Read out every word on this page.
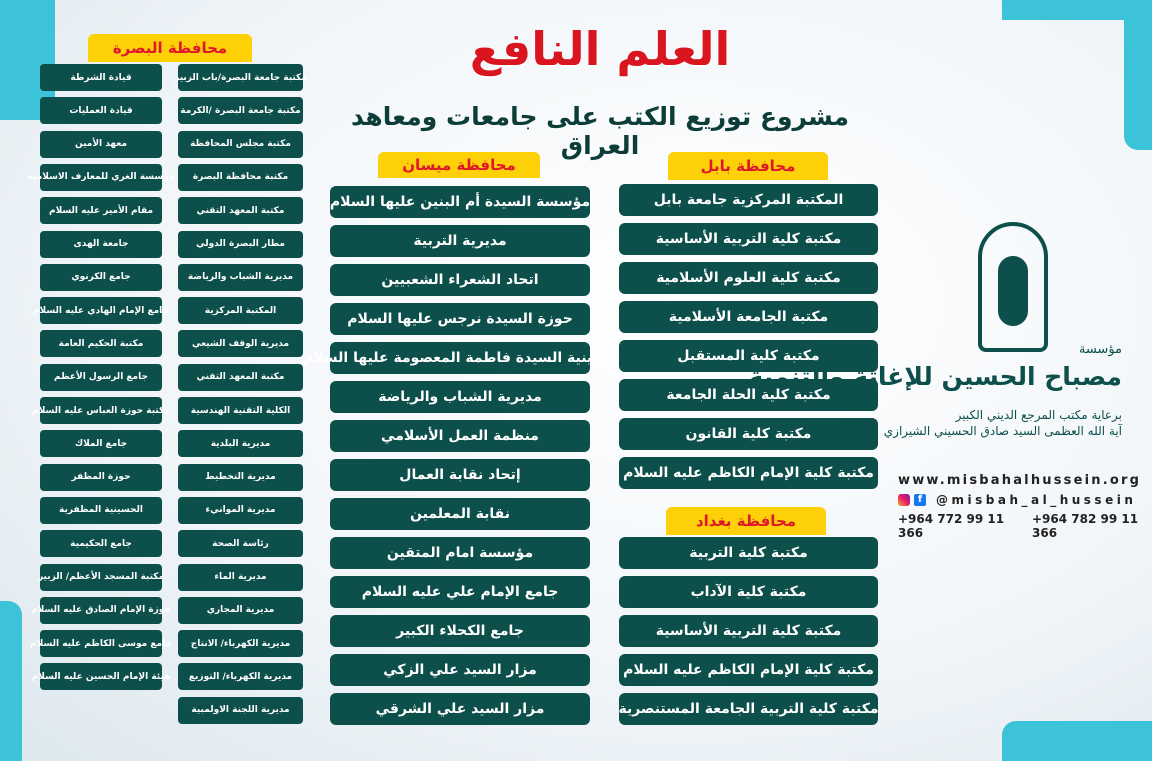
العلم النافع
مشروع توزيع الكتب على جامعات ومعاهد العراق
محافظة البصرة
مكتبة جامعة البصرة/باب الزبير
مكتبة جامعة البصرة /الكرمة
مكتبة مجلس المحافظة
مكتبة محافظة البصرة
مكتبة المعهد التقني
مطار البصرة الدولي
مديرية الشباب والرياضة
المكتبة المركزية
مديرية الوقف الشيعي
مكتبة المعهد التقني
الكلية التقنية الهندسية
مديرية البلدية
مديرية التخطيط
مديرية الموانيء
رئاسة الصحة
مديرية الماء
مديرية المجاري
مديرية الكهرباء/ الانتاج
مديرية الكهرباء/ التوزيع
مديرية اللجنة الاولمبية
قيادة الشرطة
قيادة العمليات
معهد الأمين
مؤسسة الغري للمعارف الاسلامية
مقام الأمير عليه السلام
جامعة الهدى
جامع الكرنوي
جامع الإمام الهادي عليه السلام
مكتبة الحكيم العامة
جامع الرسول الأعظم
مكتبة حوزة العباس عليه السلام
جامع الملاك
حوزة المظفر
الحسينية المظفرية
جامع الحكيمية
مكتبة المسجد الأعظم/ الزبير
حوزة الإمام الصادق عليه السلام
جامع موسى الكاظم عليه السلام
هيئة الإمام الحسين عليه السلام
محافظة ميسان
مؤسسة السيدة أم البنين عليها السلام
مديرية التربية
اتحاد الشعراء الشعبيين
حوزة السيدة نرجس عليها السلام
حسينية السيدة فاطمة المعصومة عليها السلام
مديرية الشباب والرياضة
منظمة العمل الأسلامي
إتحاد نقابة العمال
نقابة المعلمين
مؤسسة امام المتقين
جامع الإمام علي عليه السلام
جامع الكحلاء الكبير
مزار السيد علي الزكي
مزار السيد علي الشرقي
محافظة بابل
المكتبة المركزية جامعة بابل
مكتبة كلية التربية الأساسية
مكتبة كلية العلوم الأسلامية
مكتبة الجامعة الأسلامية
مكتبة كلية المستقبل
مكتبة كلية الحلة الجامعة
مكتبة كلية القانون
مكتبة كلية الإمام الكاظم عليه السلام
محافظة بغداد
مكتبة كلية التربية
مكتبة كلية الآداب
مكتبة كلية التربية الأساسية
مكتبة كلية الإمام الكاظم عليه السلام
مكتبة كلية التربية الجامعة المستنصرية
مؤسسة
مصباح الحسين للإغاثة والتنمية
برعاية مكتب المرجع الديني الكبير
آية الله العظمى السيد صادق الحسيني الشيرازي
www.misbahalhussein.org
f	@misbah_al_hussein
+964 772 99 11 366
+964 782 99 11 366
